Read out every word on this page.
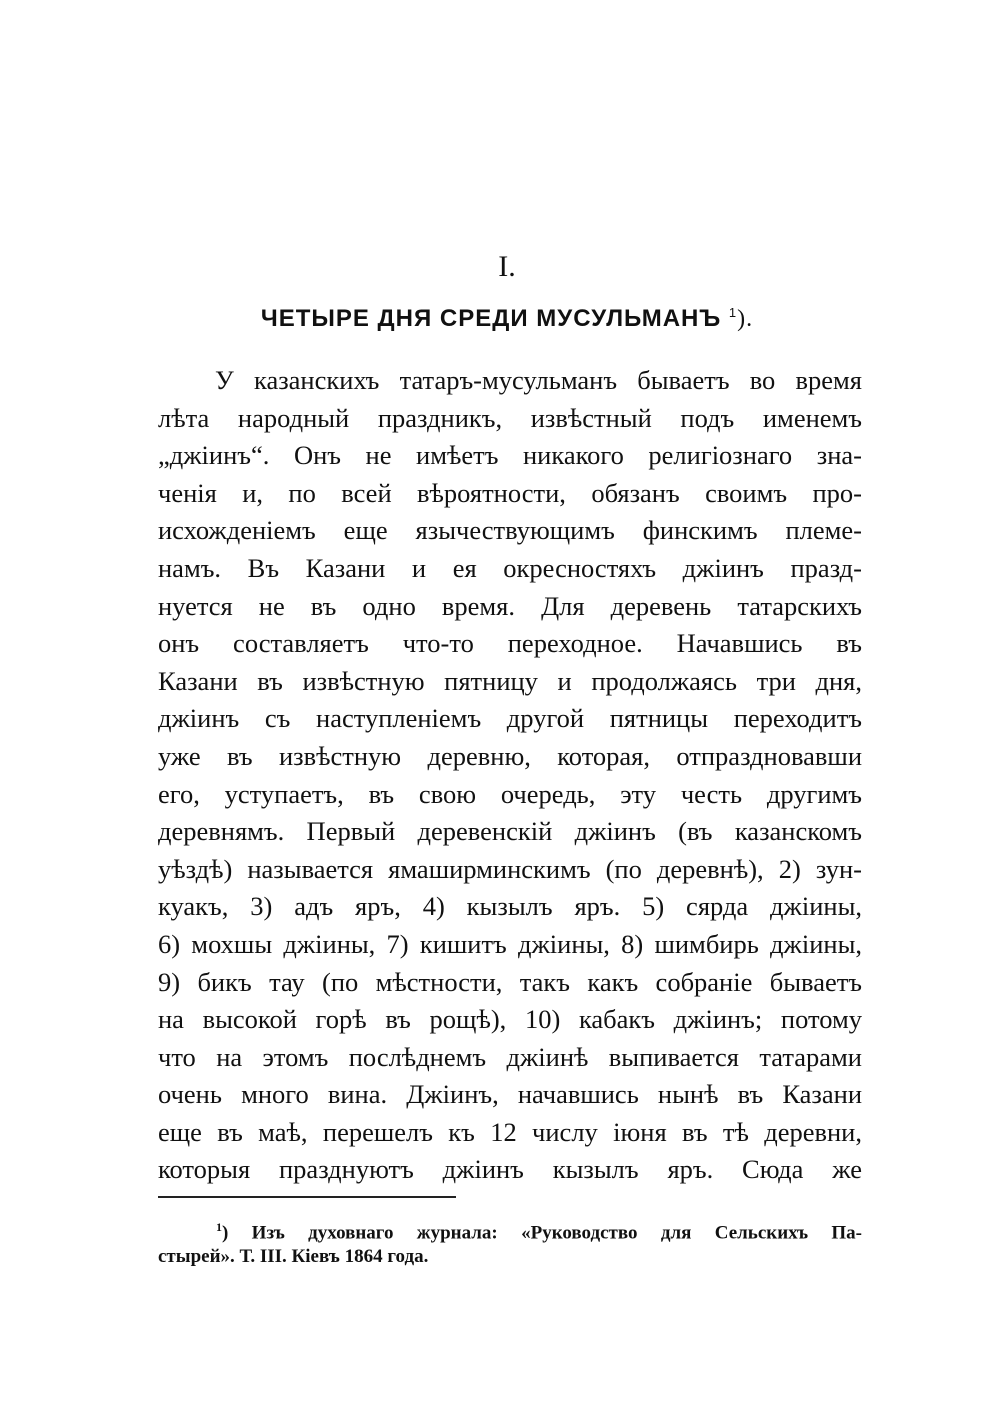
I.
ЧЕТЫРЕ ДНЯ СРЕДИ МУСУЛЬМАНЪ $^1$).
У казанскихъ татаръ-мусульманъ бываетъ во время
лѣта народный праздникъ, извѣстный подъ именемъ
„джіинъ“. Онъ не имѣетъ никакого религіознаго зна-
ченія и, по всей вѣроятности, обязанъ своимъ про-
исхожденіемъ еще язычествующимъ финскимъ племе-
намъ. Въ Казани и ея окресностяхъ джіинъ празд-
нуется не въ одно время. Для деревень татарскихъ
онъ составляетъ что-то переходное. Начавшись въ
Казани въ извѣстную пятницу и продолжаясь три дня,
джіинъ съ наступленіемъ другой пятницы переходитъ
уже въ извѣстную деревню, которая, отпраздновавши
его, уступаетъ, въ свою очередь, эту честь другимъ
деревнямъ. Первый деревенскій джіинъ (въ казанскомъ
уѣздѣ) называется ямаширминскимъ (по деревнѣ), 2) зун-
куакъ, 3) адъ яръ, 4) кызылъ яръ. 5) сярда джіины,
6) мохшы джіины, 7) кишитъ джіины, 8) шимбирь джіины,
9) бикъ тау (по мѣстности, такъ какъ собраніе бываетъ
на высокой горѣ въ рощѣ), 10) кабакъ джіинъ; потому
что на этомъ послѣднемъ джіинѣ выпивается татарами
очень много вина. Джіинъ, начавшись нынѣ въ Казани
еще въ маѣ, перешелъ къ 12 числу іюня въ тѣ деревни,
которыя празднуютъ джіинъ кызылъ яръ. Сюда же
$^1$) Изъ духовнаго журнала: «Руководство для Сельскихъ Па-
стырей». Т. III. Кіевъ 1864 года.
